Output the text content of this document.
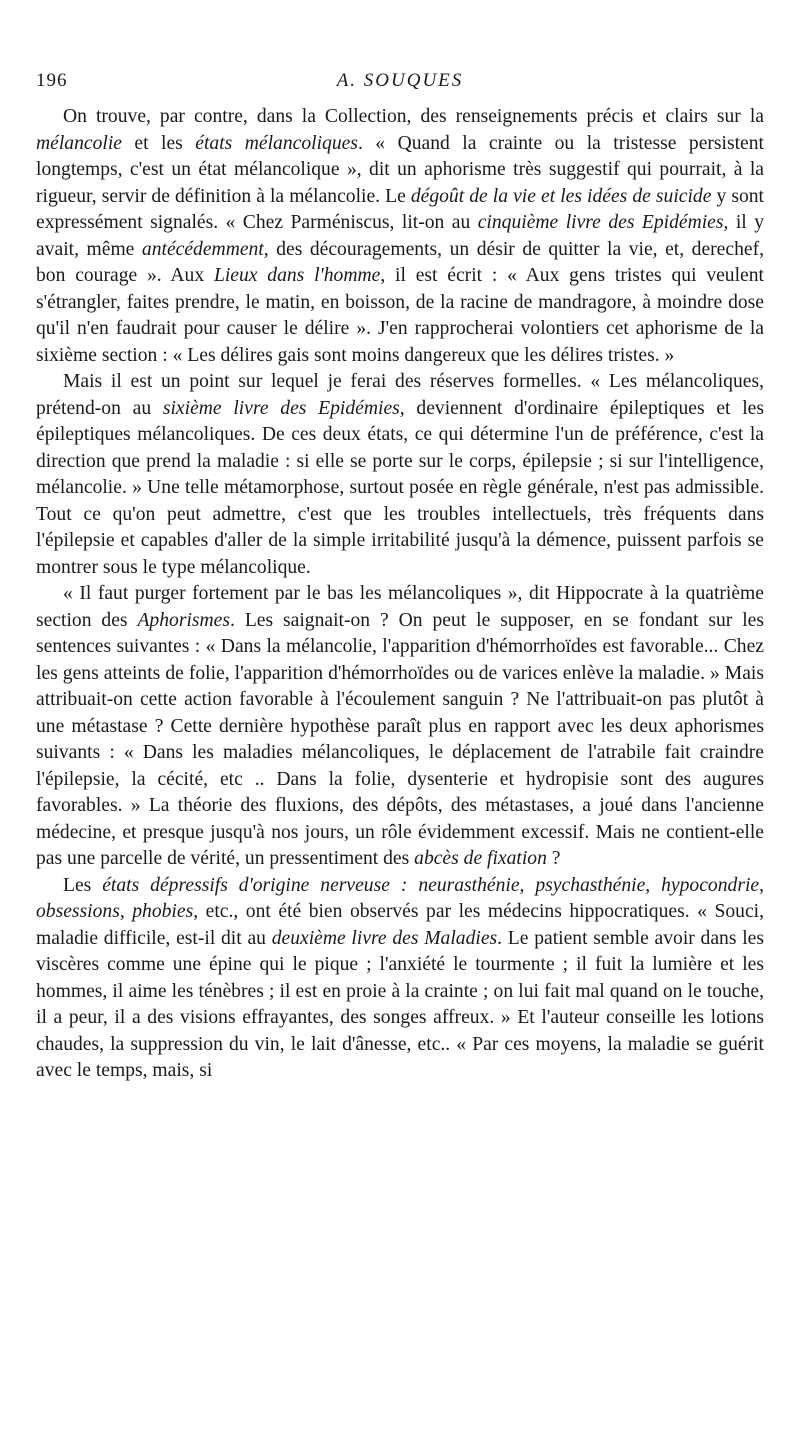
196	A. SOUQUES

On trouve, par contre, dans la Collection, des renseignements précis et clairs sur la mélancolie et les états mélancoliques. « Quand la crainte ou la tristesse persistent longtemps, c'est un état mélancolique », dit un aphorisme très suggestif qui pourrait, à la rigueur, servir de définition à la mélancolie. Le dégoût de la vie et les idées de suicide y sont expressément signalés. « Chez Parméniscus, lit-on au cinquième livre des Epidémies, il y avait, même antécédemment, des découragements, un désir de quitter la vie, et, derechef, bon courage ». Aux Lieux dans l'homme, il est écrit : « Aux gens tristes qui veulent s'étrangler, faites prendre, le matin, en boisson, de la racine de mandragore, à moindre dose qu'il n'en faudrait pour causer le délire ». J'en rapprocherai volontiers cet aphorisme de la sixième section : « Les délires gais sont moins dangereux que les délires tristes. »

Mais il est un point sur lequel je ferai des réserves formelles. « Les mélancoliques, prétend-on au sixième livre des Epidémies, deviennent d'ordinaire épileptiques et les épileptiques mélancoliques. De ces deux états, ce qui détermine l'un de préférence, c'est la direction que prend la maladie : si elle se porte sur le corps, épilepsie ; si sur l'intelligence, mélancolie. » Une telle métamorphose, surtout posée en règle générale, n'est pas admissible. Tout ce qu'on peut admettre, c'est que les troubles intellectuels, très fréquents dans l'épilepsie et capables d'aller de la simple irritabilité jusqu'à la démence, puissent parfois se montrer sous le type mélancolique.

« Il faut purger fortement par le bas les mélancoliques », dit Hippocrate à la quatrième section des Aphorismes. Les saignait-on ? On peut le supposer, en se fondant sur les sentences suivantes : « Dans la mélancolie, l'apparition d'hémorrhoïdes est favorable... Chez les gens atteints de folie, l'apparition d'hémorrhoïdes ou de varices enlève la maladie. » Mais attribuait-on cette action favorable à l'écoulement sanguin ? Ne l'attribuait-on pas plutôt à une métastase ? Cette dernière hypothèse paraît plus en rapport avec les deux aphorismes suivants : « Dans les maladies mélancoliques, le déplacement de l'atrabile fait craindre l'épilepsie, la cécité, etc .. Dans la folie, dysenterie et hydropisie sont des augures favorables. » La théorie des fluxions, des dépôts, des métastases, a joué dans l'ancienne médecine, et presque jusqu'à nos jours, un rôle évidemment excessif. Mais ne contient-elle pas une parcelle de vérité, un pressentiment des abcès de fixation ?

Les états dépressifs d'origine nerveuse : neurasthénie, psychasthénie, hypocondrie, obsessions, phobies, etc., ont été bien observés par les médecins hippocratiques. « Souci, maladie difficile, est-il dit au deuxième livre des Maladies. Le patient semble avoir dans les viscères comme une épine qui le pique ; l'anxiété le tourmente ; il fuit la lumière et les hommes, il aime les ténèbres ; il est en proie à la crainte ; on lui fait mal quand on le touche, il a peur, il a des visions effrayantes, des songes affreux. » Et l'auteur conseille les lotions chaudes, la suppression du vin, le lait d'ânesse, etc.. « Par ces moyens, la maladie se guérit avec le temps, mais, si
